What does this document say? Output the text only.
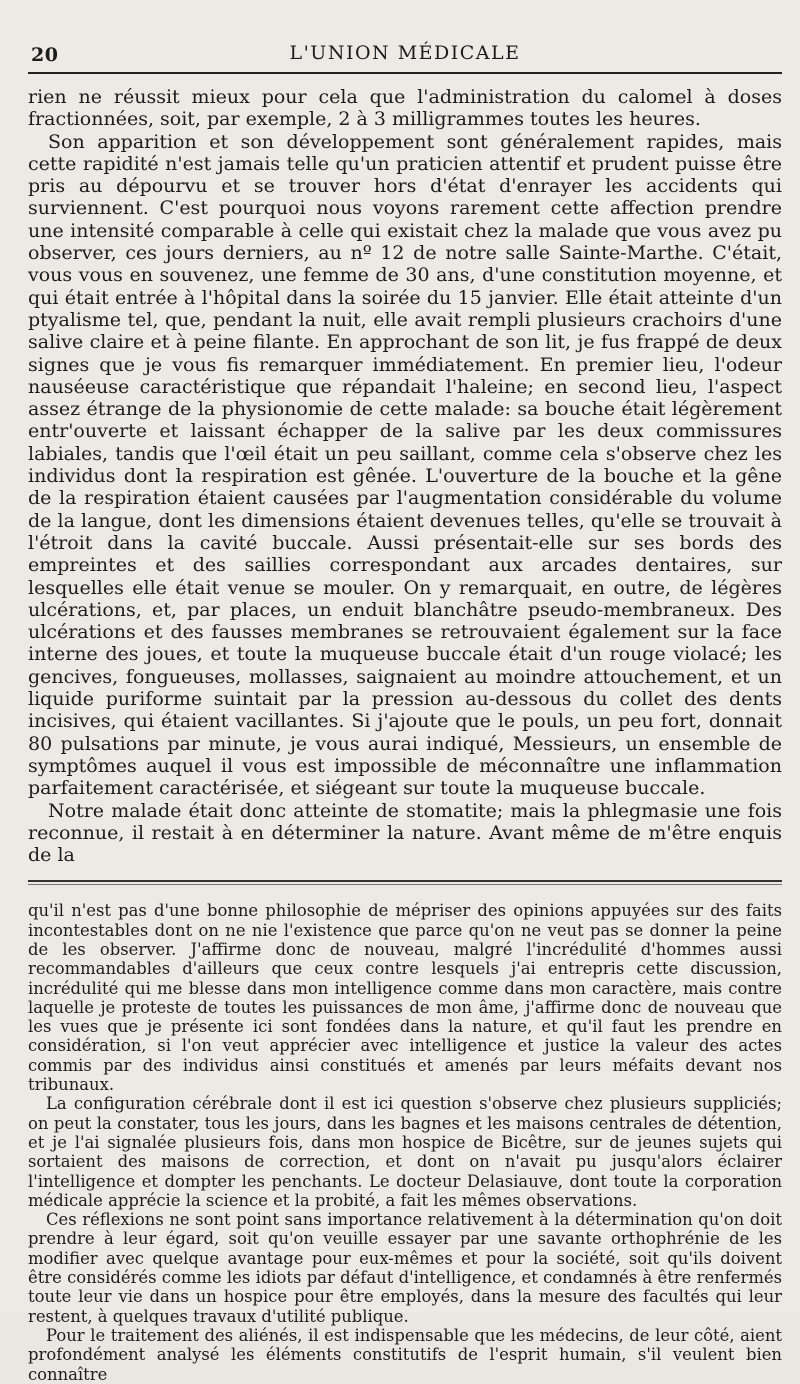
20	L'UNION MÉDICALE

rien ne réussit mieux pour cela que l'administration du calomel à doses fractionnées, soit, par exemple, 2 à 3 milligrammes toutes les heures.

Son apparition et son développement sont généralement rapides, mais cette rapidité n'est jamais telle qu'un praticien attentif et prudent puisse être pris au dépourvu et se trouver hors d'état d'enrayer les accidents qui surviennent. C'est pourquoi nous voyons rarement cette affection prendre une intensité comparable à celle qui existait chez la malade que vous avez pu observer, ces jours derniers, au nº 12 de notre salle Sainte-Marthe. C'était, vous vous en souvenez, une femme de 30 ans, d'une constitution moyenne, et qui était entrée à l'hôpital dans la soirée du 15 janvier. Elle était atteinte d'un ptyalisme tel, que, pendant la nuit, elle avait rempli plusieurs crachoirs d'une salive claire et à peine filante. En approchant de son lit, je fus frappé de deux signes que je vous fis remarquer immédiatement. En premier lieu, l'odeur nauséeuse caractéristique que répandait l'haleine; en second lieu, l'aspect assez étrange de la physionomie de cette malade: sa bouche était légèrement entr'ouverte et laissant échapper de la salive par les deux commissures labiales, tandis que l'œil était un peu saillant, comme cela s'observe chez les individus dont la respiration est gênée. L'ouverture de la bouche et la gêne de la respiration étaient causées par l'augmentation considérable du volume de la langue, dont les dimensions étaient devenues telles, qu'elle se trouvait à l'étroit dans la cavité buccale. Aussi présentait-elle sur ses bords des empreintes et des saillies correspondant aux arcades dentaires, sur lesquelles elle était venue se mouler. On y remarquait, en outre, de légères ulcérations, et, par places, un enduit blanchâtre pseudo-membraneux. Des ulcérations et des fausses membranes se retrouvaient également sur la face interne des joues, et toute la muqueuse buccale était d'un rouge violacé; les gencives, fongueuses, mollasses, saignaient au moindre attouchement, et un liquide puriforme suintait par la pression au-dessous du collet des dents incisives, qui étaient vacillantes. Si j'ajoute que le pouls, un peu fort, donnait 80 pulsations par minute, je vous aurai indiqué, Messieurs, un ensemble de symptômes auquel il vous est impossible de méconnaître une inflammation parfaitement caractérisée, et siégeant sur toute la muqueuse buccale.

Notre malade était donc atteinte de stomatite; mais la phlegmasie une fois reconnue, il restait à en déterminer la nature. Avant même de m'être enquis de la

qu'il n'est pas d'une bonne philosophie de mépriser des opinions appuyées sur des faits incontestables dont on ne nie l'existence que parce qu'on ne veut pas se donner la peine de les observer. J'affirme donc de nouveau, malgré l'incrédulité d'hommes aussi recommandables d'ailleurs que ceux contre lesquels j'ai entrepris cette discussion, incrédulité qui me blesse dans mon intelligence comme dans mon caractère, mais contre laquelle je proteste de toutes les puissances de mon âme, j'affirme donc de nouveau que les vues que je présente ici sont fondées dans la nature, et qu'il faut les prendre en considération, si l'on veut apprécier avec intelligence et justice la valeur des actes commis par des individus ainsi constitués et amenés par leurs méfaits devant nos tribunaux.

La configuration cérébrale dont il est ici question s'observe chez plusieurs suppliciés; on peut la constater, tous les jours, dans les bagnes et les maisons centrales de détention, et je l'ai signalée plusieurs fois, dans mon hospice de Bicêtre, sur de jeunes sujets qui sortaient des maisons de correction, et dont on n'avait pu jusqu'alors éclairer l'intelligence et dompter les penchants. Le docteur Delasiauve, dont toute la corporation médicale apprécie la science et la probité, a fait les mêmes observations.

Ces réflexions ne sont point sans importance relativement à la détermination qu'on doit prendre à leur égard, soit qu'on veuille essayer par une savante orthophrénie de les modifier avec quelque avantage pour eux-mêmes et pour la société, soit qu'ils doivent être considérés comme les idiots par défaut d'intelligence, et condamnés à être renfermés toute leur vie dans un hospice pour être employés, dans la mesure des facultés qui leur restent, à quelques travaux d'utilité publique.

Pour le traitement des aliénés, il est indispensable que les médecins, de leur côté, aient profondément analysé les éléments constitutifs de l'esprit humain, s'il veulent bien connaître
